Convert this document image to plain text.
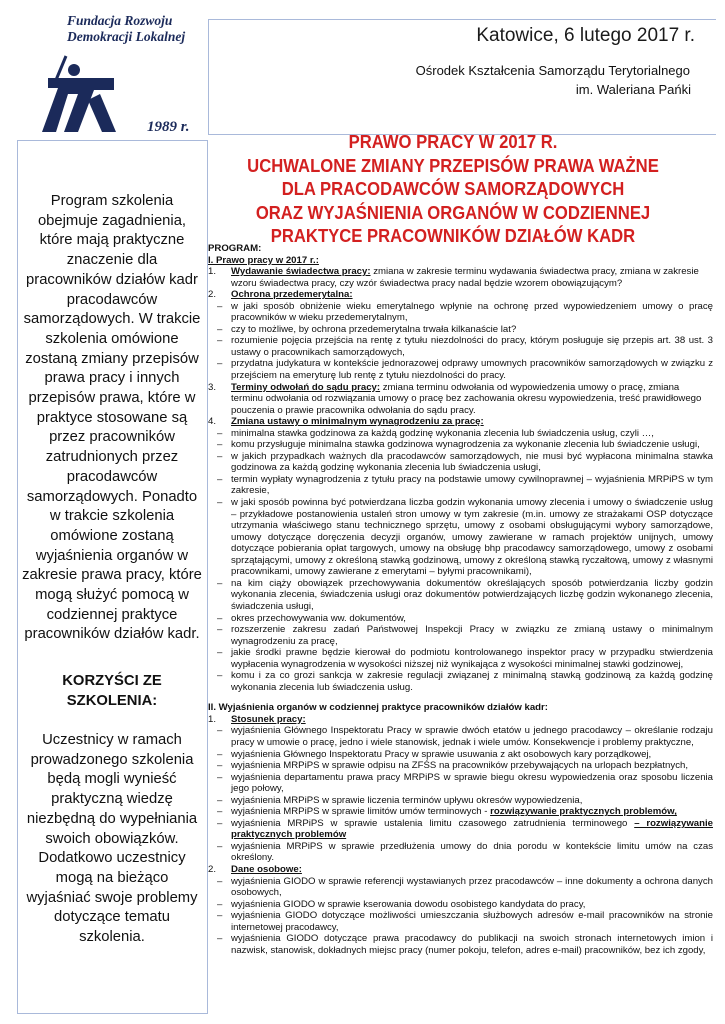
Fundacja Rozwoju Demokracji Lokalnej
1989 r.
Katowice, 6 lutego 2017 r.
Ośrodek Kształcenia Samorządu Terytorialnego
im. Waleriana Pańki
PRAWO PRACY W 2017 R.
UCHWALONE ZMIANY PRZEPISÓW PRAWA WAŻNE
DLA PRACODAWCÓW SAMORZĄDOWYCH
ORAZ WYJAŚNIENIA ORGANÓW W CODZIENNEJ
PRAKTYCE PRACOWNIKÓW DZIAŁÓW KADR
Program szkolenia obejmuje zagadnienia, które mają praktyczne znaczenie dla pracowników działów kadr pracodawców samorządowych. W trakcie szkolenia omówione zostaną zmiany przepisów prawa pracy i innych przepisów prawa, które w praktyce stosowane są przez pracowników zatrudnionych przez pracodawców samorządowych. Ponadto w trakcie szkolenia omówione zostaną wyjaśnienia organów w zakresie prawa pracy, które mogą służyć pomocą w codziennej praktyce pracowników działów kadr.
KORZYŚCI ZE SZKOLENIA:
Uczestnicy w ramach prowadzonego szkolenia będą mogli wynieść praktyczną wiedzę niezbędną do wypełniania swoich obowiązków. Dodatkowo uczestnicy mogą na bieżąco wyjaśniać swoje problemy dotyczące tematu szkolenia.

PROGRAM:

I. Prawo pracy w 2017 r.:

1. Wydawanie świadectwa pracy: zmiana w zakresie terminu wydawania świadectwa pracy, zmiana w zakresie wzoru świadectwa pracy, czy wzór świadectwa pracy nadal będzie wzorem obowiązującym?
2. Ochrona przedemerytalna:
– w jaki sposób obniżenie wieku emerytalnego wpłynie na ochronę przed wypowiedzeniem umowy o pracę pracowników w wieku przedemerytalnym,
– czy to możliwe, by ochrona przedemerytalna trwała kilkanaście lat?
– rozumienie pojęcia przejścia na rentę z tytułu niezdolności do pracy, którym posługuje się przepis art. 38 ust. 3 ustawy o pracownikach samorządowych,
– przydatna judykatura w kontekście jednorazowej odprawy umownych pracowników samorządowych w związku z przejściem na emeryturę lub rentę z tytułu niezdolności do pracy.
3. Terminy odwołań do sądu pracy: zmiana terminu odwołania od wypowiedzenia umowy o pracę, zmiana terminu odwołania od rozwiązania umowy o pracę bez zachowania okresu wypowiedzenia, treść prawidłowego pouczenia o prawie pracownika odwołania do sądu pracy.
4. Zmiana ustawy o minimalnym wynagrodzeniu za pracę:
– minimalna stawka godzinowa za każdą godzinę wykonania zlecenia lub świadczenia usług, czyli …,
– komu przysługuje minimalna stawka godzinowa wynagrodzenia za wykonanie zlecenia lub świadczenie usługi,
– w jakich przypadkach ważnych dla pracodawców samorządowych, nie musi być wypłacona minimalna stawka godzinowa za każdą godzinę wykonania zlecenia lub świadczenia usługi,
– termin wypłaty wynagrodzenia z tytułu pracy na podstawie umowy cywilnoprawnej – wyjaśnienia MRPiPS w tym zakresie,
– w jaki sposób powinna być potwierdzana liczba godzin wykonania umowy zlecenia i umowy o świadczenie usług – przykładowe postanowienia ustaleń stron umowy w tym zakresie (m.in. umowy ze strażakami OSP dotyczące utrzymania właściwego stanu technicznego sprzętu, umowy z osobami obsługującymi wybory samorządowe, umowy dotyczące doręczenia decyzji organów, umowy zawierane w ramach projektów unijnych, umowy dotyczące pobierania opłat targowych, umowy na obsługę bhp pracodawcy samorządowego, umowy z osobami sprzątającymi, umowy z określoną stawką godzinową, umowy z określoną stawką ryczałtową, umowy z własnymi pracownikami, umowy zawierane z emerytami – byłymi pracownikami),
– na kim ciąży obowiązek przechowywania dokumentów określających sposób potwierdzania liczby godzin wykonania zlecenia, świadczenia usługi oraz dokumentów potwierdzających liczbę godzin wykonanego zlecenia, świadczenia usługi,
– okres przechowywania ww. dokumentów,
– rozszerzenie zakresu zadań Państwowej Inspekcji Pracy w związku ze zmianą ustawy o minimalnym wynagrodzeniu za pracę,
– jakie środki prawne będzie kierował do podmiotu kontrolowanego inspektor pracy w przypadku stwierdzenia wypłacenia wynagrodzenia w wysokości niższej niż wynikająca z wysokości minimalnej stawki godzinowej,
– komu i za co grozi sankcja w zakresie regulacji związanej z minimalną stawką godzinową za każdą godzinę wykonania zlecenia lub świadczenia usług.

II. Wyjaśnienia organów w codziennej praktyce pracowników działów kadr:

1. Stosunek pracy:
– wyjaśnienia Głównego Inspektoratu Pracy w sprawie dwóch etatów u jednego pracodawcy – określanie rodzaju pracy w umowie o pracę, jedno i wiele stanowisk, jednak i wiele umów. Konsekwencje i problemy praktyczne,
– wyjaśnienia Głównego Inspektoratu Pracy w sprawie usuwania z akt osobowych kary porządkowej,
– wyjaśnienia MRPiPS w sprawie odpisu na ZFŚS na pracowników przebywających na urlopach bezpłatnych,
– wyjaśnienia departamentu prawa pracy MRPiPS w sprawie biegu okresu wypowiedzenia oraz sposobu liczenia jego połowy,
– wyjaśnienia MRPiPS w sprawie liczenia terminów upływu okresów wypowiedzenia,
– wyjaśnienia MRPiPS w sprawie limitów umów terminowych - rozwiązywanie praktycznych problemów,
– wyjaśnienia MRPiPS w sprawie ustalenia limitu czasowego zatrudnienia terminowego – rozwiązywanie praktycznych problemów
– wyjaśnienia MRPiPS w sprawie przedłużenia umowy do dnia porodu w kontekście limitu umów na czas określony.
2. Dane osobowe:
– wyjaśnienia GIODO w sprawie referencji wystawianych przez pracodawców – inne dokumenty a ochrona danych osobowych,
– wyjaśnienia GIODO w sprawie kserowania dowodu osobistego kandydata do pracy,
– wyjaśnienia GIODO dotyczące możliwości umieszczania służbowych adresów e-mail pracowników na stronie internetowej pracodawcy,
– wyjaśnienia GIODO dotyczące prawa pracodawcy do publikacji na swoich stronach internetowych imion i nazwisk, stanowisk, dokładnych miejsc pracy (numer pokoju, telefon, adres e-mail) pracowników, bez ich zgody,
